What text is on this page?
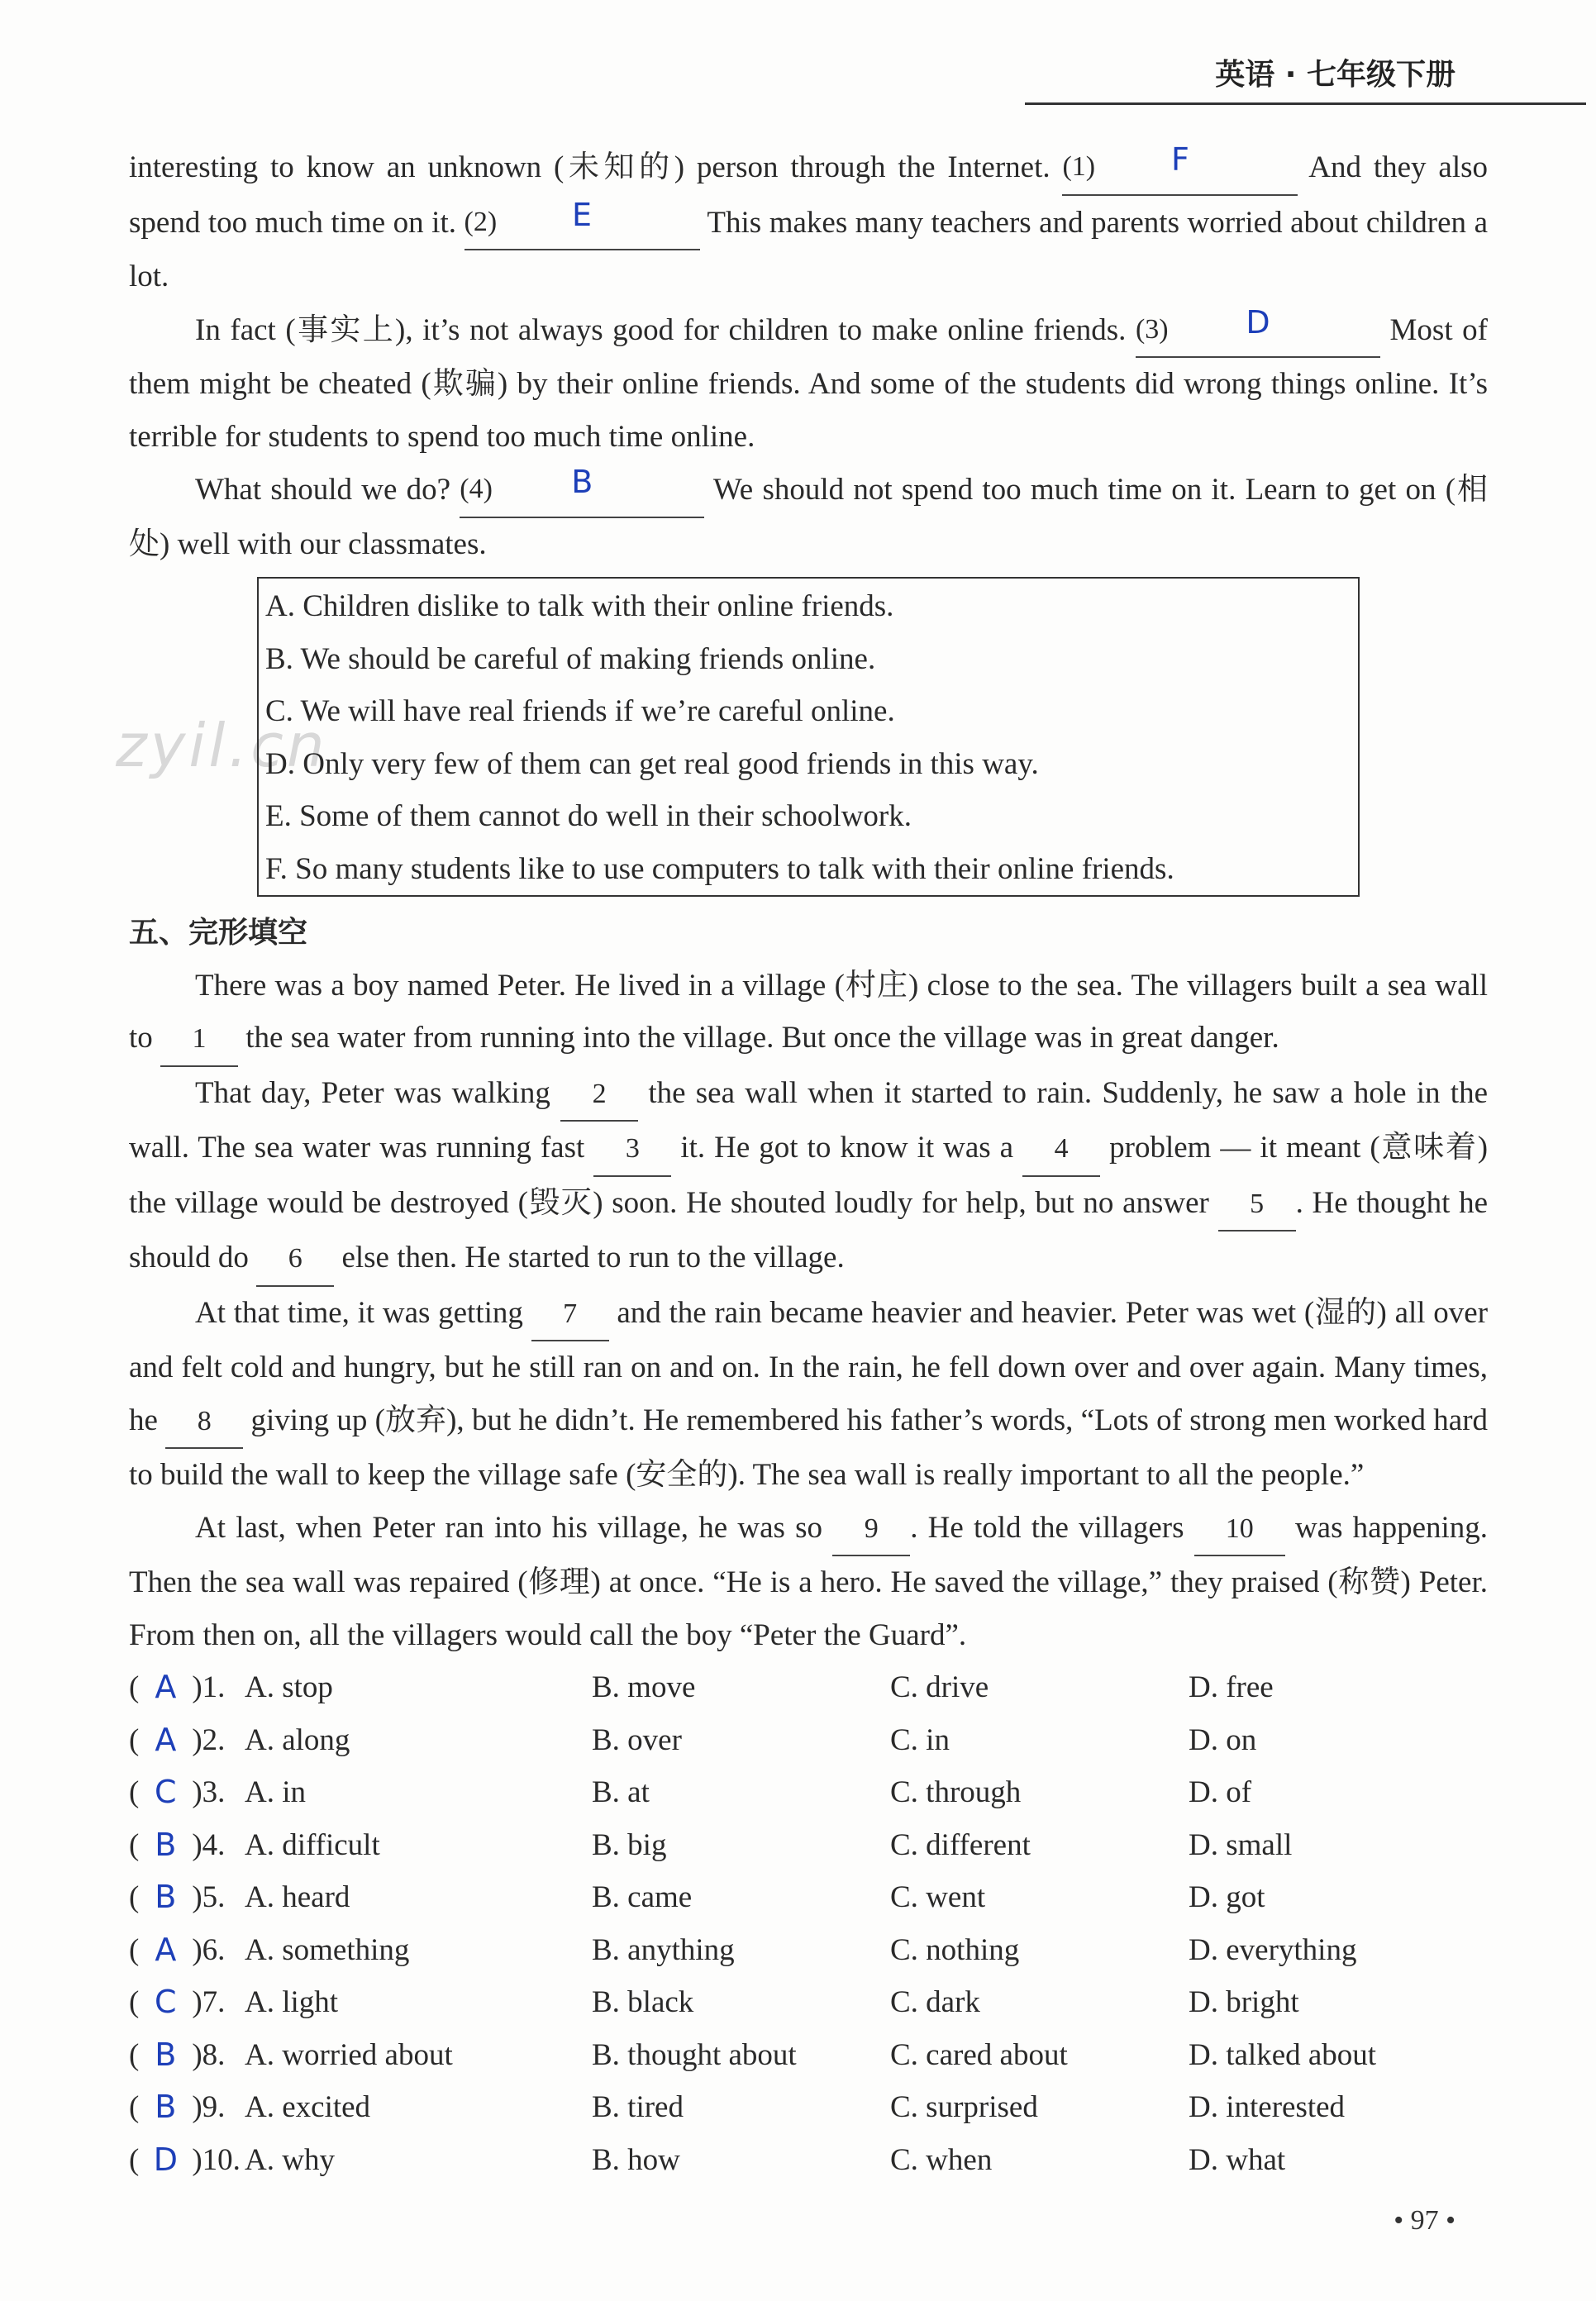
英语 · 七年级下册
zyil.cn

interesting to know an unknown (未知的) person through the Internet. (1) F	And they also spend too much time on it. (2) E	This makes many teachers and parents worried about children a lot.

In fact (事实上), it’s not always good for children to make online friends. (3) D	Most of them might be cheated (欺骗) by their online friends. And some of the students did wrong things online. It’s terrible for students to spend too much time online.

What should we do? (4)	B	We should not spend too much time on it. Learn to get on (相处) well with our classmates.

A. Children dislike to talk with their online friends.
B. We should be careful of making friends online.
C. We will have real friends if we’re careful online.
D. Only very few of them can get real good friends in this way.
E. Some of them cannot do well in their schoolwork.
F. So many students like to use computers to talk with their online friends.

五、完形填空

There was a boy named Peter. He lived in a village (村庄) close to the sea. The villagers built a sea wall to 1 the sea water from running into the village. But once the village was in great danger.

That day, Peter was walking 2 the sea wall when it started to rain. Suddenly, he saw a hole in the wall. The sea water was running fast 3 it. He got to know it was a 4 problem — it meant (意味着) the village would be destroyed (毁灭) soon. He shouted loudly for help, but no answer 5 . He thought he should do 6 else then. He started to run to the village.

At that time, it was getting 7 and the rain became heavier and heavier. Peter was wet (湿的) all over and felt cold and hungry, but he still ran on and on. In the rain, he fell down over and over again. Many times, he 8 giving up (放弃), but he didn’t. He remembered his father’s words, “Lots of strong men worked hard to build the wall to keep the village safe (安全的). The sea wall is really important to all the people.”

At last, when Peter ran into his village, he was so 9 . He told the villagers 10 was happening. Then the sea wall was repaired (修理) at once. “He is a hero. He saved the village,” they praised (称赞) Peter. From then on, all the villagers would call the boy “Peter the Guard”.

( A ) 1. A. stop	B. move	C. drive	D. free
( A ) 2. A. along	B. over	C. in	D. on
( C ) 3. A. in	B. at	C. through	D. of
( B ) 4. A. difficult	B. big	C. different	D. small
( B ) 5. A. heard	B. came	C. went	D. got
( A ) 6. A. something	B. anything	C. nothing	D. everything
( C ) 7. A. light	B. black	C. dark	D. bright
( B ) 8. A. worried about	B. thought about	C. cared about	D. talked about
( B ) 9. A. excited	B. tired	C. surprised	D. interested
( D ) 10. A. why	B. how	C. when	D. what
• 97 •
